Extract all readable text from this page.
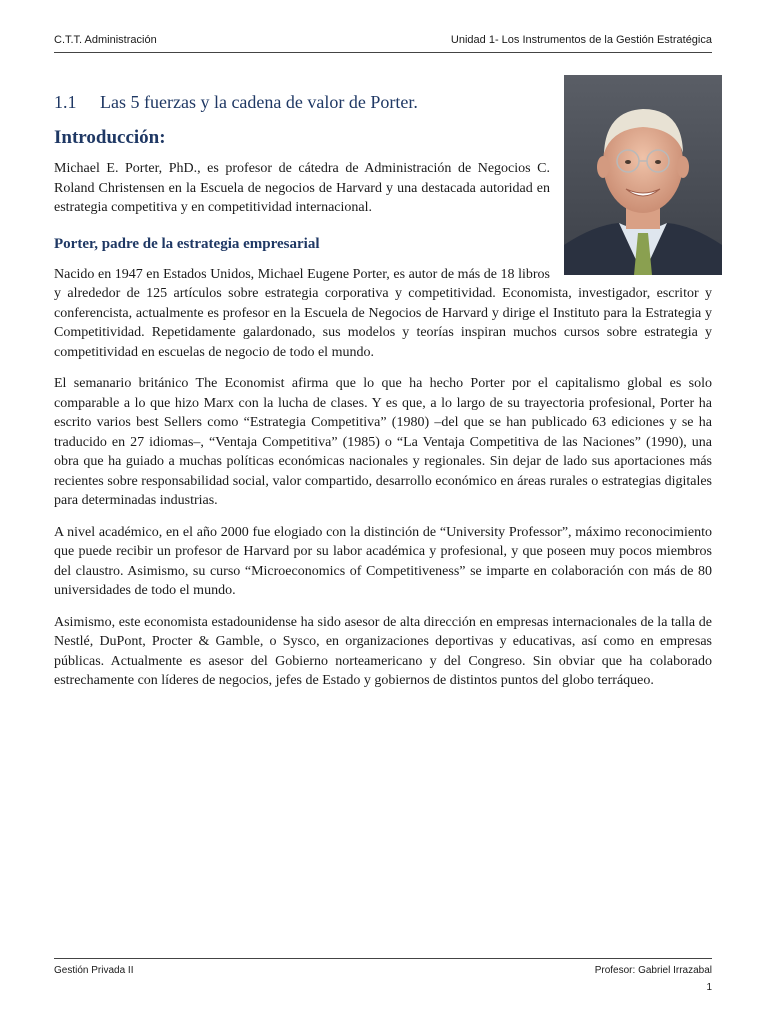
C.T.T. Administración	Unidad 1- Los Instrumentos de la Gestión Estratégica
1.1 Las 5 fuerzas y la cadena de valor de Porter.
Introducción:

Michael E. Porter, PhD., es profesor de cátedra de Administración de Negocios C. Roland Christensen en la Escuela de negocios de Harvard y una destacada autoridad en estrategia competitiva y en competitividad internacional.

Porter, padre de la estrategia empresarial

Nacido en 1947 en Estados Unidos, Michael Eugene Porter, es autor de más de 18 libros y alrededor de 125 artículos sobre estrategia corporativa y competitividad. Economista, investigador, escritor y conferencista, actualmente es profesor en la Escuela de Negocios de Harvard y dirige el Instituto para la Estrategia y Competitividad. Repetidamente galardonado, sus modelos y teorías inspiran muchos cursos sobre estrategia y competitividad en escuelas de negocio de todo el mundo.

El semanario británico The Economist afirma que lo que ha hecho Porter por el capitalismo global es solo comparable a lo que hizo Marx con la lucha de clases. Y es que, a lo largo de su trayectoria profesional, Porter ha escrito varios best Sellers como “Estrategia Competitiva” (1980) –del que se han publicado 63 ediciones y se ha traducido en 27 idiomas–, “Ventaja Competitiva” (1985) o “La Ventaja Competitiva de las Naciones” (1990), una obra que ha guiado a muchas políticas económicas nacionales y regionales. Sin dejar de lado sus aportaciones más recientes sobre responsabilidad social, valor compartido, desarrollo económico en áreas rurales o estrategias digitales para determinadas industrias.

A nivel académico, en el año 2000 fue elogiado con la distinción de “University Professor”, máximo reconocimiento que puede recibir un profesor de Harvard por su labor académica y profesional, y que poseen muy pocos miembros del claustro. Asimismo, su curso “Microeconomics of Competitiveness” se imparte en colaboración con más de 80 universidades de todo el mundo.

Asimismo, este economista estadounidense ha sido asesor de alta dirección en empresas internacionales de la talla de Nestlé, DuPont, Procter & Gamble, o Sysco, en organizaciones deportivas y educativas, así como en empresas públicas. Actualmente es asesor del Gobierno norteamericano y del Congreso. Sin obviar que ha colaborado estrechamente con líderes de negocios, jefes de Estado y gobiernos de distintos puntos del globo terráqueo.

Gestión Privada II	Profesor: Gabriel Irrazabal
1
